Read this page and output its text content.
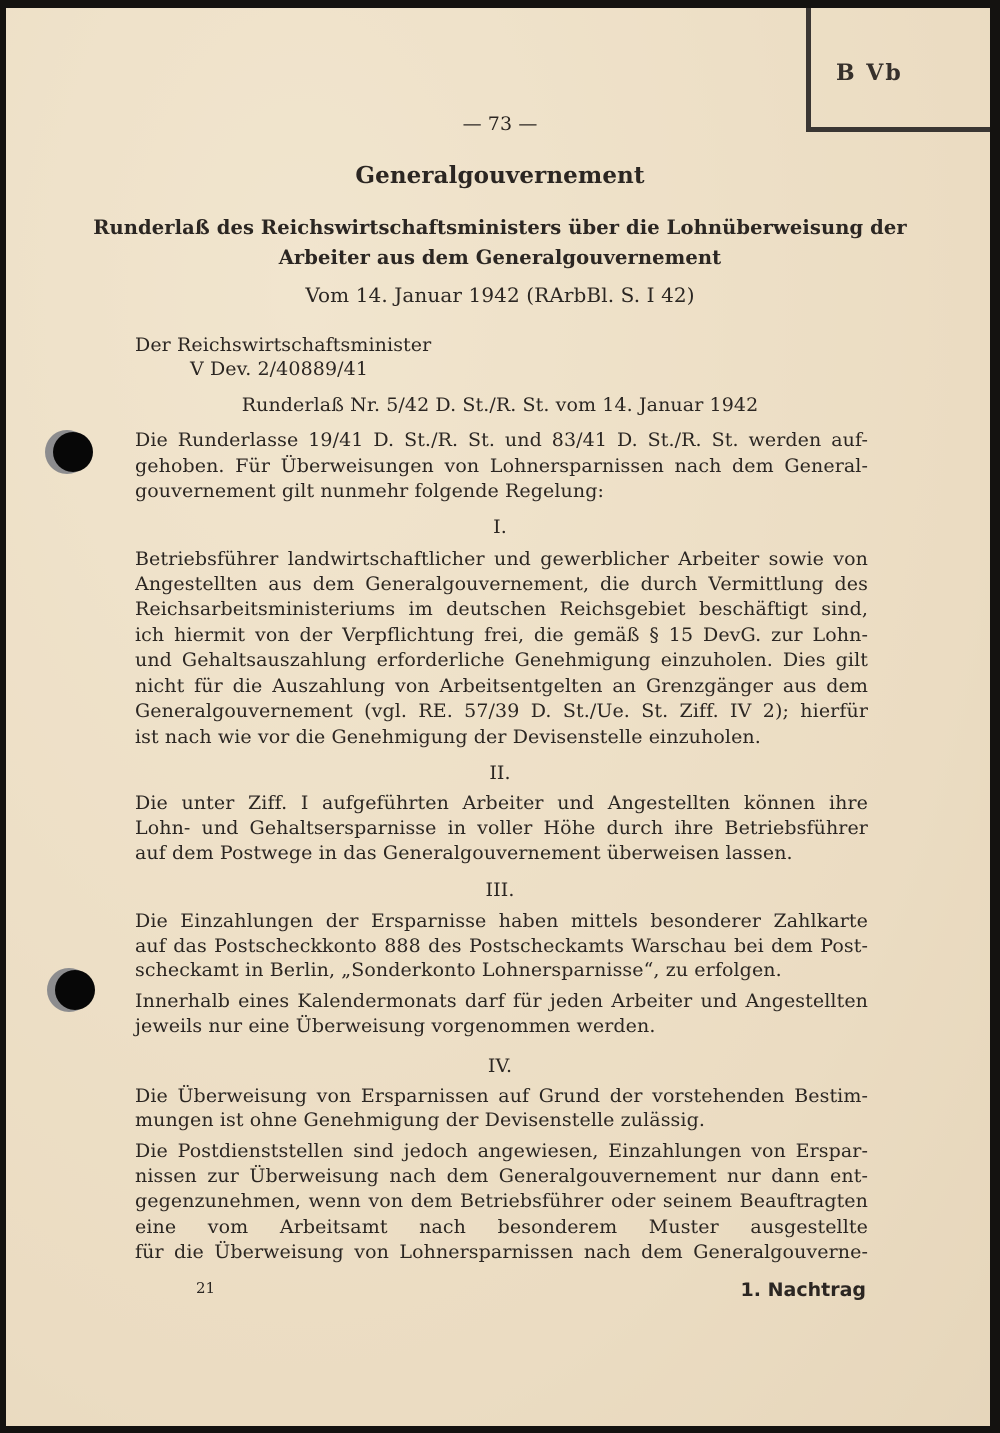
B Vb
— 73 —
Generalgouvernement
Runderlaß des Reichswirtschaftsministers über die Lohnüberweisung der
Arbeiter aus dem Generalgouvernement
Vom 14. Januar 1942 (RArbBl. S. I 42)
Der Reichswirtschaftsminister
V Dev. 2/40889/41
Runderlaß Nr. 5/42 D. St./R. St. vom 14. Januar 1942
Die Runderlasse 19/41 D. St./R. St. und 83/41 D. St./R. St. werden auf-
gehoben. Für Überweisungen von Lohnersparnissen nach dem General-
gouvernement gilt nunmehr folgende Regelung:
I.
Betriebsführer landwirtschaftlicher und gewerblicher Arbeiter sowie von
Angestellten aus dem Generalgouvernement, die durch Vermittlung des
Reichsarbeitsministeriums im deutschen Reichsgebiet beschäftigt sind,
ich hiermit von der Verpflichtung frei, die gemäß § 15 DevG. zur Lohn-
und Gehaltsauszahlung erforderliche Genehmigung einzuholen. Dies gilt
nicht für die Auszahlung von Arbeitsentgelten an Grenzgänger aus dem
Generalgouvernement (vgl. RE. 57/39 D. St./Ue. St. Ziff. IV 2); hierfür
ist nach wie vor die Genehmigung der Devisenstelle einzuholen.
II.
Die unter Ziff. I aufgeführten Arbeiter und Angestellten können ihre
Lohn- und Gehaltsersparnisse in voller Höhe durch ihre Betriebsführer
auf dem Postwege in das Generalgouvernement überweisen lassen.
III.
Die Einzahlungen der Ersparnisse haben mittels besonderer Zahlkarte
auf das Postscheckkonto 888 des Postscheckamts Warschau bei dem Post-
scheckamt in Berlin, „Sonderkonto Lohnersparnisse“, zu erfolgen.
Innerhalb eines Kalendermonats darf für jeden Arbeiter und Angestellten
jeweils nur eine Überweisung vorgenommen werden.
IV.
Die Überweisung von Ersparnissen auf Grund der vorstehenden Bestim-
mungen ist ohne Genehmigung der Devisenstelle zulässig.
Die Postdienststellen sind jedoch angewiesen, Einzahlungen von Erspar-
nissen zur Überweisung nach dem Generalgouvernement nur dann ent-
gegenzunehmen, wenn von dem Betriebsführer oder seinem Beauftragten
eine vom Arbeitsamt nach besonderem Muster ausgestellte
für die Überweisung von Lohnersparnissen nach dem Generalgouverne-
21	1. Nachtrag
